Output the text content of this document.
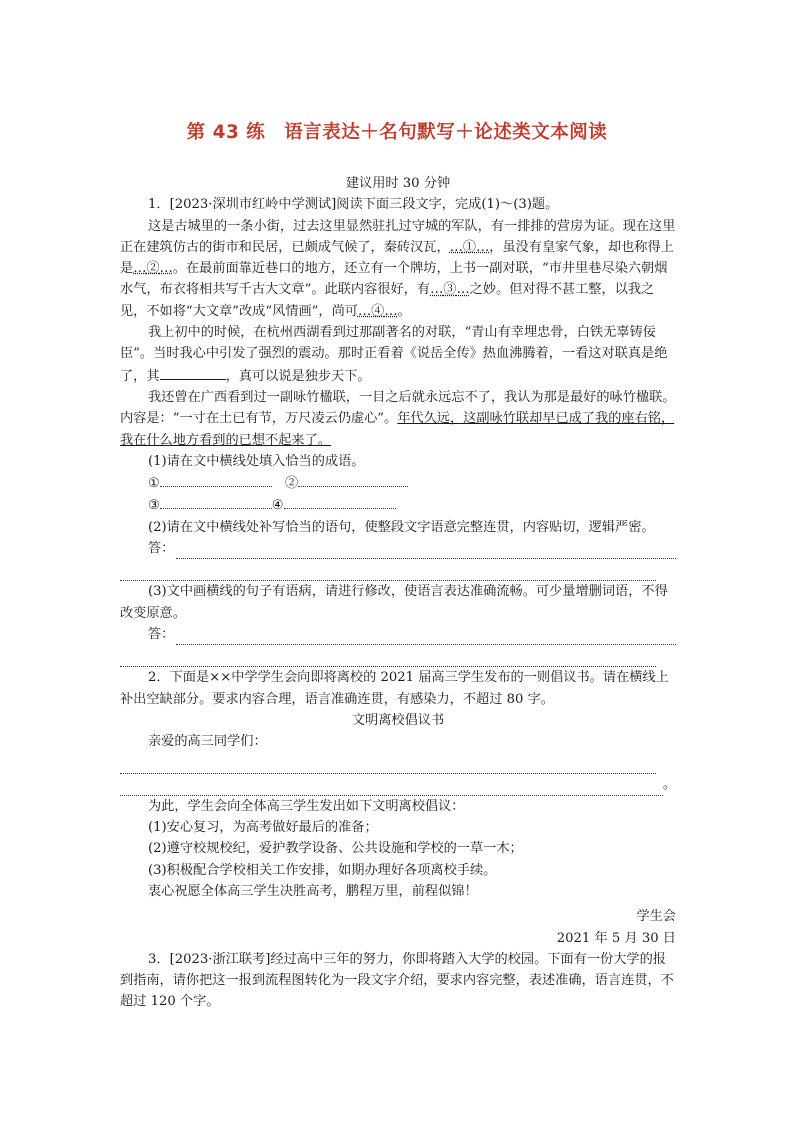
第 43 练　语言表达＋名句默写＋论述类文本阅读

建议用时 30 分钟

1．[2023·深圳市红岭中学测试]阅读下面三段文字，完成(1)～(3)题。

这是古城里的一条小街，过去这里显然驻扎过守城的军队，有一排排的营房为证。现在这里正在建筑仿古的街市和民居，已颇成气候了，秦砖汉瓦，…①…，虽没有皇家气象，却也称得上是…②…。在最前面靠近巷口的地方，还立有一个牌坊，上书一副对联，“市井里巷尽染六朝烟水气，布衣将相共写千古大文章”。此联内容很好，有…③…之妙。但对得不甚工整，以我之见，不如将“大文章”改成“风情画”，尚可…④…。

我上初中的时候，在杭州西湖看到过那副著名的对联，“青山有幸埋忠骨，白铁无辜铸佞臣”。当时我心中引发了强烈的震动。那时正看着《说岳全传》热血沸腾着，一看这对联真是绝了，其	，真可以说是独步天下。

我还曾在广西看到过一副咏竹楹联，一目之后就永远忘不了，我认为那是最好的咏竹楹联。内容是：“一寸在土已有节，万尺凌云仍虚心”。年代久远，这副咏竹联却早已成了我的座右铭，我在什么地方看到的已想不起来了。

(1)请在文中横线处填入恰当的成语。

①　	②

③	④

(2)请在文中横线处补写恰当的语句，使整段文字语意完整连贯，内容贴切，逻辑严密。

答：

(3)文中画横线的句子有语病，请进行修改，使语言表达准确流畅。可少量增删词语，不得改变原意。

答：

2．下面是××中学学生会向即将离校的 2021 届高三学生发布的一则倡议书。请在横线上补出空缺部分。要求内容合理，语言准确连贯，有感染力，不超过 80 字。

文明离校倡议书

亲爱的高三同学们：

。

为此，学生会向全体高三学生发出如下文明离校倡议：

(1)安心复习，为高考做好最后的准备；

(2)遵守校规校纪，爱护教学设备、公共设施和学校的一草一木；

(3)积极配合学校相关工作安排，如期办理好各项离校手续。

衷心祝愿全体高三学生决胜高考，鹏程万里，前程似锦！

学生会

2021 年 5 月 30 日

3．[2023·浙江联考]经过高中三年的努力，你即将踏入大学的校园。下面有一份大学的报到指南，请你把这一报到流程图转化为一段文字介绍，要求内容完整，表述准确，语言连贯，不超过 120 个字。
